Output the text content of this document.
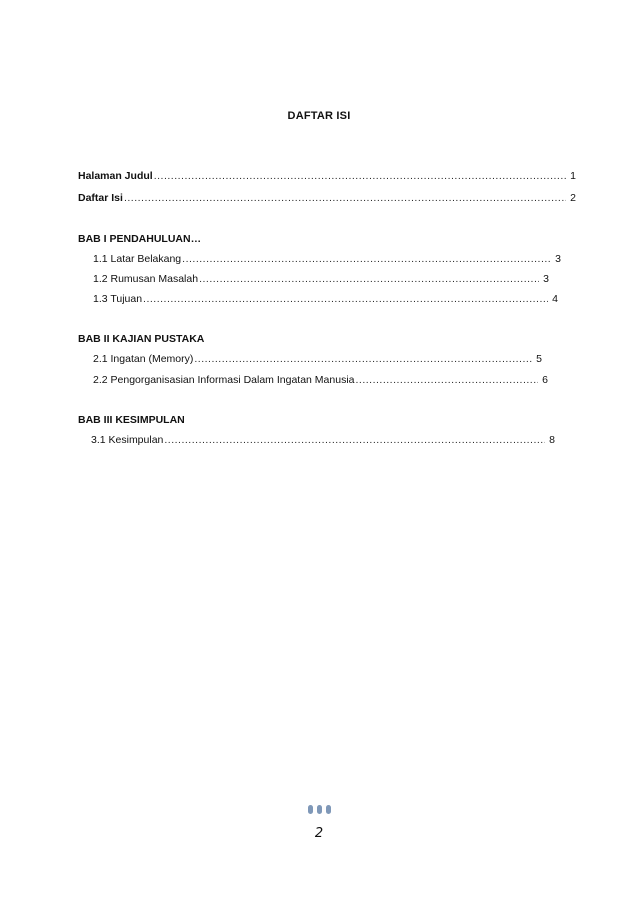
DAFTAR ISI
Halaman Judul .....	1
Daftar Isi .....	2
BAB I PENDAHULUAN…
1.1 Latar Belakang .....	3
1.2 Rumusan Masalah .....	3
1.3 Tujuan .....	4
BAB II KAJIAN PUSTAKA
2.1 Ingatan (Memory) .....	5
2.2 Pengorganisasian Informasi Dalam Ingatan Manusia .....	6
BAB III KESIMPULAN
3.1 Kesimpulan .....	8
2
